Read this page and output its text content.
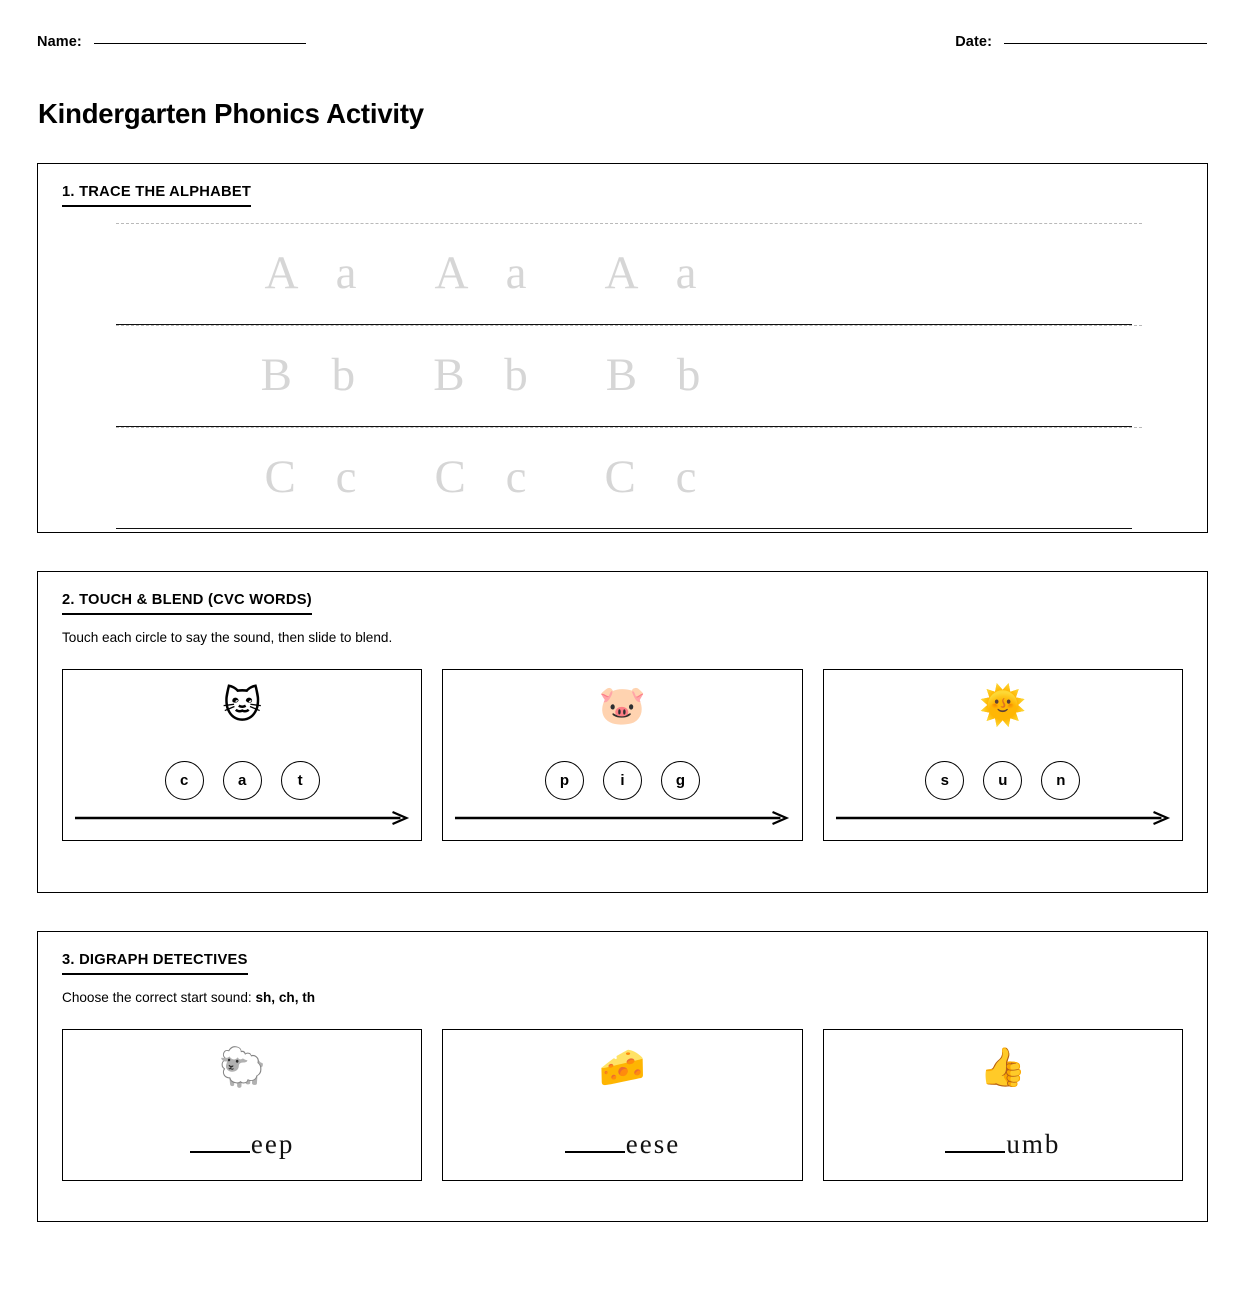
Name:	Date:
Kindergarten Phonics Activity
1. TRACE THE ALPHABET
A a A a A a
B b B b B b
C c C c C c
2. TOUCH & BLEND (CVC WORDS)
Touch each circle to say the sound, then slide to blend.
🐱
c	a	t
🐷
p	i	g
🌞
s	u	n
3. DIGRAPH DETECTIVES
Choose the correct start sound: sh, ch, th
🐑
eep
🧀
eese
👍
umb
